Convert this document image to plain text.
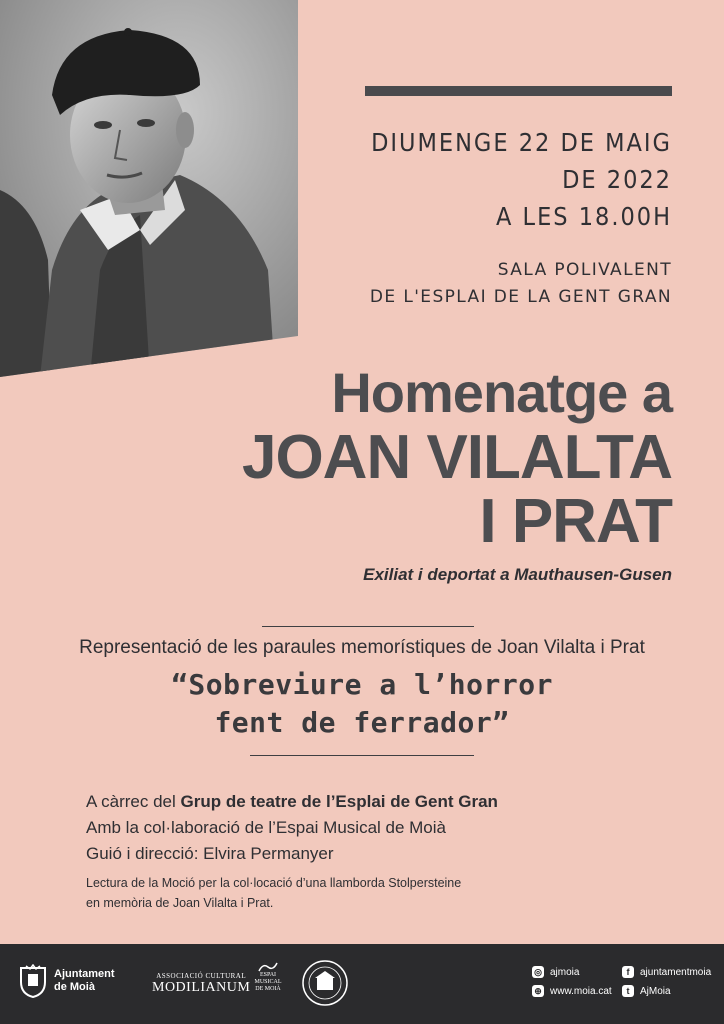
DIUMENGE 22 DE MAIG
DE 2022
A LES 18.00H
SALA POLIVALENT
DE L'ESPLAI DE LA GENT GRAN
Homenatge a
JOAN VILALTA
I PRAT
Exiliat i deportat a Mauthausen-Gusen
Representació de les paraules memorístiques de Joan Vilalta i Prat
“Sobreviure a l’horror
fent de ferrador”
A càrrec del Grup de teatre de l’Esplai de Gent Gran
Amb la col·laboració de l’Espai Musical de Moià
Guió i direcció: Elvira Permanyer
Lectura de la Moció per la col·locació d’una llamborda Stolpersteine
en memòria de Joan Vilalta i Prat.
Ajuntament
de Moià
ASSOCIACIÓ CULTURAL
MODILIANUM
ESPAI
MUSICAL
DE MOIÀ
◎ ajmoia	f	ajuntamentmoia
⊕ www.moia.cat	t	AjMoia
